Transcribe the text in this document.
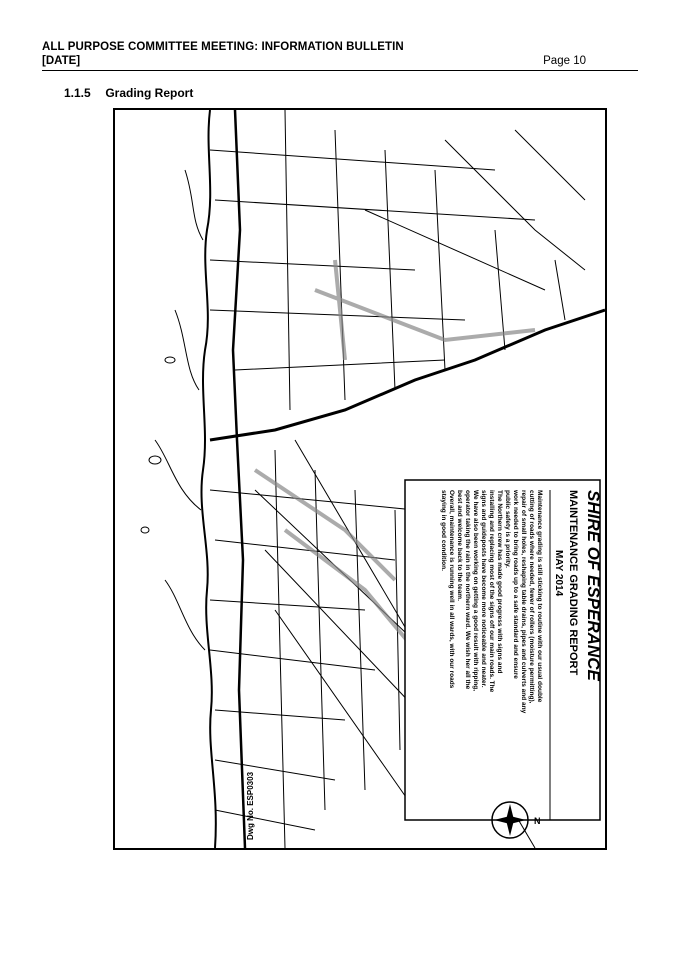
ALL PURPOSE COMMITTEE MEETING: INFORMATION BULLETIN
[DATE]	Page 10
1.1.5 Grading Report
SHIRE OF ESPERANCE
MAINTENANCE GRADING REPORT
MAY 2014
Maintenance grading is still sticking to routine with our usual double
cutting of roads where needed, fewer of rollers (moisture permitting),
repair of small holes, reshaping table drains, pipes and culverts and any
work needed to bring roads up to a safe standard and ensure
public safety is a priority.
The Northern crew has made good progress with signs and
installing and replacing most of the signs off our main roads. The
signs and guideposts have become more noticeable and neater.
We have also been working on getting a good result with ripping,
operator taking the rain in the northern ward. We wish her all the
best and welcome back to the team.
Overall, maintenance is running well in all wards, with our roads
staying in good condition.
N
Dwg No. ESP0303
